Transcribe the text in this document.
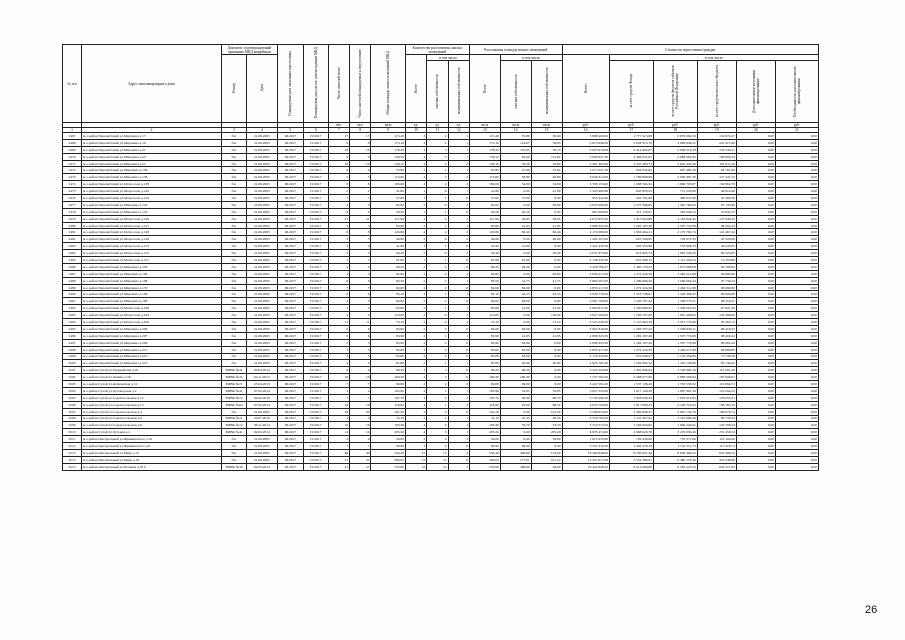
№ п/п	Адрес многоквартирного дома	Документ, подтверждающий признание МКД аварийным		Планируемая дата окончания переселения	Планируемая дата сноса/ реконструкции МКД	Число жителей всего	Число жителей планируемых к переселению	Общая площадь жилых помещений МКД	Количество расселяемых жилых помещений			Расселяемая площадь жилых помещений			Стоимость переселения граждан					
		Номер	Дата						Всего	в том числе		Всего	в том числе		Всего:	в том числе				
										частная собственность	муниципальная собственность		частная собственность	муниципальная собственность		за счет средств Фонда	за счет средств бюджета субъекта Российской Федерации	за счет средств местного бюджета	Дополнительные источники финансирования	Необходимость дополнительного финансирования
						чел.	чел.	кв.м	ед.	ед.	ед.	кв.м	кв.м	кв.м	руб.	руб.	руб.	руб.	руб.	руб.
1	2	3	4	5	6	7	8	9	10	11	12	13	14	15	16	17	18	19	20	21
2467	м.о.район Перелюбский ул.Мирошна д.17	б/н	21.09.2005	III.2017	IV.2017	17	17	115,40	3	2	1	115,40	76,80	38,60	3 888 400,00	1 777 415,88	2 076 062,56	134 872,27	0,00	0,00
2468	м.о.район Перелюбский ул.Мирошна д.19	б/н	21.09.2005	III.2017	IV.2017	9	9	173,10	3	2	1	173,10	114,07	59,03	5 813 849,50	2 658 315,70	3 099 649,25	241 917,66	0,00	0,00
2469	м.о.район Перелюбский ул.Мирошна д.21	б/н	21.09.2005	III.2017	IV.2017	16	16	178,20	4	3	1	178,20	110,05	39,15	5 005 919,06	2 414 462,07	2 658 213,78	133 243,21	0,00	0,00
2470	м.о.район Перелюбский ул.Мирошна д.23	б/н	21.09.2005	III.2017	IV.2017	9	9	158,50	4	3	1	158,50	95,60	115,62	5 008 927,30	2 486 031,97	2 686 081,95	186 809,34	0,00	0,00
2471	м.о.район Перелюбский ул.Мирошна д.25	б/н	21.09.2005	III.2017	IV.2017	10	10	158,10	4	2	2	158,10	79,50	78,60	5 461 364,30	2 437 483,73	2 842 424,46	181 011,29	0,00	0,00
2472	м.о.район Перелюбский ул.Мирошна д.136	б/н	21.09.2005	III.2017	IV.2017	6	6	55,80	2	1	1	55,80	27,89	27,62	1 917 047,50	854 832,82	997 462,59	64 761,09	0,00	0,00
2473	м.о.район Перелюбский ул.Мирошна д.138	б/н	21.09.2005	III.2017	IV.2017	5	5	113,60	4	2	2	113,60	56,80	56,80	3 928 312,00	1 769 898,98	2 030 981,30	127 441,72	0,00	0,00
2474	м.о.район Перелюбский ул.Матросова д.138	б/н	21.09.2005	III.2017	IV.2017	8	8	109,60	4	2	2	109,60	54,80	54,80	3 780 153,00	1 688 584,34	1 960 705,87	130 862,79	0,00	0,00
2475	м.о.район Перелюбский ул.Матросова д.142	б/н	21.09.2005	III.2017	IV.2017	2	2	41,80	1	0	1	41,80	0,00	41,80	1 443 982,60	643 823,25	751 243,00	48 916,40	0,00	0,00
2476	м.о.район Перелюбский ул.Матросова д.142	б/н	21.09.2005	III.2017	IV.2017	7	7	27,60	1	1	0	27,60	27,60	0,00	953 442,00	425 101,08	496 031,60	32 309,26	0,00	0,00
2477	м.о.район Перелюбский ул.Мирошна д.142	б/н	25.09.2005	III.2017	IV.2017	3	3	82,00	2	0	2	82,00	0,00	82,00	2 832 690,00	1 275 386,09	1 481 760,62	97 145,99	0,00	0,00
2478	м.о.район Перелюбский ул.Мирошна д.145	б/н	21.09.2005	III.2017	IV.2017	6	6	20,20	1	1	0	20,20	20,20	0,00	697 809,00	311 135,07	363 040,54	23 632,55	0,00	0,00
2479	м.о.район Перелюбский ул.Матросова д.146	б/н	21.09.2005	III.2017	IV.2017	21	21	117,90	4	2	2	117,90	56,95	58,95	4 072 855,50	1 815 923,86	2 118 824,45	137 946,35	0,00	0,00
2480	м.о.район Перелюбский ул.Матросова д.147	б/н	21.09.2005	III.2017	IV.2017	3	3	83,90	2	1	1	83,90	41,95	41,95	2 898 325,50	1 292 187,26	1 507 772,08	98 202,42	0,00	0,00
2481	м.о.район Перелюбский ул.Матросова д.148	б/н	21.09.2005	III.2017	IV.2017	8	8	120,80	4	2	2	120,80	60,40	60,40	4 172 686,00	1 860 464,11	2 170 792,74	141 467,44	0,00	0,00
2482	м.о.район Перелюбский ул.Матросова д.149	б/н	21.09.2005	III.2017	IV.2017	3	3	40,60	2	0	2	40,60	0,00	40,60	1 402 527,00	625 336,95	729 672,33	47 520,06	0,00	0,00
2483	м.о.район Перелюбский ул.Матросова д.153	б/н	21.09.2005	III.2017	IV.2017	4	4	41,90	1	1	0	41,90	41,90	0,00	1 447 435,50	645 355,86	753 026,33	49 045,05	0,00	0,00
2484	м.о.район Перелюбский ул.Матросова д.155	б/н	21.09.2005	III.2017	IV.2017	5	5	59,40	2	0	2	59,40	0,00	59,40	2 051 973,00	914 895,74	1 067 526,56	69 525,85	0,00	0,00
2485	м.о.район Перелюбский ул.Матросова д.157	б/н	21.09.2005	III.2017	IV.2017	7	7	61,90	1	1	0	61,90	61,90	0,00	2 138 335,50	953 398,15	1 112 459,24	72 453,86	0,00	0,00
2486	м.о.район Перелюбский ул.Мирошна д.159	б/н	21.09.2005	III.2017	IV.2017	4	4	99,20	2	2	0	99,20	99,20	0,00	3 226 796,27	1 460 179,27	1 675 908,08	90 708,92	0,00	0,00
2487	м.о.район Перелюбский ул.Мирошна д.162	б/н	21.09.2005	III.2017	IV.2017	4	4	82,60	2	0	2	82,60	0,00	82,60	2 839 417,00	1 272 224,50	1 484 512,98	96 680,80	0,00	0,00
2488	м.о.район Перелюбский ул.Мирошна д.168	б/н	21.09.2005	III.2017	IV.2017	6	6	83,50	2	1	1	83,50	41,75	41,75	2 884 597,00	1 286 066,56	1 500 604,24	97 736,23	0,00	0,00
2489	м.о.район Перелюбский ул.Мирошна д.170	б/н	21.09.2005	III.2017	IV.2017	7	7	82,60	2	2	0	82,60	82,60	0,00	2 853 417,00	1 272 224,50	1 484 511,98	96 680,80	0,00	0,00
2490	м.о.район Перелюбский ул.Мирошна д.184	б/н	21.09.2005	III.2017	IV.2017	6	6	85,10	2	1	1	85,10	42,55	42,55	2 939 779,50	1 310 728,61	1 529 406,42	99 606,80	0,00	0,00
2491	м.о.район Перелюбский ул.Мирошна д.186	б/н	21.09.2005	III.2017	IV.2017	3	3	84,00	2	2	0	84,00	84,00	0,00	2 901 780,00	1 293 767,42	1 509 573,11	98 319,47	0,00	0,00
2492	м.о.район Перелюбский ул.Матросова д.188	б/н	21.09.2005	III.2017	IV.2017	4	4	83,80	2	1	1	83,80	41,90	41,90	2 894 871,00	1 290 686,95	1 506 001,04	97 821,29	0,00	0,00
2493	м.о.район Перелюбский ул.Матросова д.194	б/н	21.09.2005	III.2017	IV.2017	4	4	110,00	2	0	2	110,00	0,00	110,00	3 827 500,00	1 706 707,00	1 991 406,00	129 386,00	0,00	0,00
2494	м.о.район Перелюбский ул.Матросова д.206	б/н	21.09.2005	III.2017	IV.2017	11	11	73,10	2	0	2	73,10	0,00	73,10	2 525 239,50	1 125 903,18	1 313 773,60	85 562,72	0,00	0,00
2495	м.о.район Перелюбский ул.Мирошна д.204	б/н	21.09.2005	III.2017	IV.2017	6	6	84,00	2	2	0	84,00	84,00	0,00	2 901 816,00	1 293 767,42	1 509 630,11	98 418,47	0,00	0,00
2496	м.о.район Перелюбский ул.Мирошна д.207	б/н	21.09.2005	III.2017	IV.2017	6	6	83,90	2	1	1	83,90	41,95	41,95	2 898 325,50	1 292 187,26	1 507 772,08	98 202,42	0,00	0,00
2497	м.о.район Перелюбский ул.Мирошна д.209	б/н	21.09.2005	III.2017	IV.2017	5	5	83,90	2	2	0	83,90	83,90	0,00	2 898 325,50	1 292 187,26	1 507 772,08	98 202,42	0,00	0,00
2498	м.о.район Перелюбский ул.Мирошна д.211	б/н	21.09.2005	III.2017	IV.2017	5	5	82,60	2	2	0	82,60	82,60	0,00	2 853 417,00	1 272 224,50	1 484 511,98	96 680,80	0,00	0,00
2499	м.о.район Перелюбский ул.Мирошна д.213	б/н	21.09.2005	III.2017	IV.2017	3	3	63,00	2	2	0	63,00	63,00	0,00	2 176 335,00	970 340,57	1 132 254,84	73 739,59	0,00	0,00
2500	м.о.район Перелюбский ул.Мирошна д.215	б/н	21.09.2005	III.2017	IV.2017	4	4	81,80	2	1	1	81,80	40,90	40,90	2 825 781,00	1 259 902,32	1 470 136,86	95 744,45	0,00	0,00
2501	м.о.район Сухой ул.Гвардейская д.16	ЗМВК №41	04.03.2014	III.2017	IV.2017	6	6	96,20	3	3	0	96,20	96,20	0,00	3 323 229,00	1 481 694,64	1 728 993,16	112 591,20	0,00	0,00
2502	м.о.район Сухой ул.Ленина д.56	ЗМВК №41	04.11.2013	III.2017	IV.2017	16	16	160,30	4	4	0	160,30	160,30	0,00	5 537 563,50	2 468 977,96	2 880 593,84	187 826,01	0,00	0,00
2503	м.о.район Сухой ул.Атаманская д.12	ЗМВК №71	25.04.2013	III.2017	IV.2017	7	7	99,80	2	2	0	99,80	99,80	0,00	3 447 591,00	1 537 138,26	1 793 558,32	116 894,72	0,00	0,00
2504	м.о.район Сухой ул.Луговодская д.2	ЗМВК №41	07.02.2014	III.2017	IV.2017	4	4	105,90	2	1	1	105,90	52,95	52,95	3 627 225,00	1 617 126,28	1 887 991,59	122 094,23	0,00	0,00
2505	м.о.район Сухой ул.Садовосельская д.12	ЗМВК №72	04.02.2019	III.2017	IV.2017	7	7	107,70	4	2	2	107,70	26,90	80,70	3 720 496,50	1 658 826,34	1 935 614,85	126 055,31	0,00	0,00
2506	м.о.район Сухой ул.Садовосельская д.13	ЗМВК №64	07.02.2014	III.2017	IV.2017	16	16	118,60	4	1	3	118,60	29,60	88,52	4 079 793,00	1 817 009,23	2 120 716,03	138 165,19	0,00	0,00
2507	м.о.район Сухой ул.Садовосельская д.4	б/н	21.09.2005	III.2017	IV.2017	20	20	161,20	4	4	0	161,20	0,00	161,20	5 568 654,00	2 482 806,47	2 897 134,79	188 679,74	0,00	0,00
2508	м.о.район Сухой ул.Садовосельская д.6	ЗМВК №11	24.07.2010	III.2017	IV.2017	4	4	74,10	2	1	1	74,10	25,35	48,25	2 559 784,50	1 141 307,91	1 331 699,28	86 733,34	0,00	0,00
2509	м.о.район Сухой ул.Садовосельская д.9	ЗМВК №12	30.11.2014	III.2017	IV.2017	16	16	103,40	4	3	1	103,40	33,70	33,70	3 719 574,50	1 594 659,62	1 900 224,91	120 708,43	0,00	0,00
2510	м.о.район Сухой ул.Луговая д.1	ЗМВК №41	04.02.2014	III.2017	IV.2017	14	14	205,20	4	3	1	205,20	0,00	205,20	6 976 474,00	2 968 620,70	3 476 030,46	231 458,54	0,00	0,00
2511	м.о.район Центральный ул.Жувиковского д.16	б/н	21.09.2005	III.2017	IV.2017	4	4	59,00	2	0	2	59,00	0,00	59,00	1 615 933,00	720 458,00	779 371,00	116 104,00	0,00	0,00
2512	м.о.район Центральный ул.Жувиковского д.6	б/н	21.09.2005	III.2017	IV.2017	7	7	96,90	2	2	0	96,90	96,90	0,00	3 347 419,50	1 492 478,10	1 741 511,75	113 418,75	0,00	0,00
2513	м.о.район Центральный ул.Мира д.15	б/н	21.09.2005	III.2017	IV.2017	40	40	534,40	15	15	4	534,40	406,80	133,60	18 460 848,00	8 230 951,30	9 604 396,22	625 499,53	0,00	0,00
2514	м.о.район Центральный ул.Мира д.16	б/н	21.09.2005	III.2017	IV.2017	31	31	369,02	12	12	0	369,02	177,07	221,12	12 457 617,99	5 554 389,61	6 480 178,49	422 049,89	0,00	0,00
2515	м.о.район Центральный ул.Полевая д.10 б	ЗМВК №30	04.03.2014	III.2017	IV.2017	27	27	533,80	16	14	2	533,80	486,60	56,60	18 422 846,32	8 214 060,88	9 584 423,53	624 271,95	0,00	0,00
26
